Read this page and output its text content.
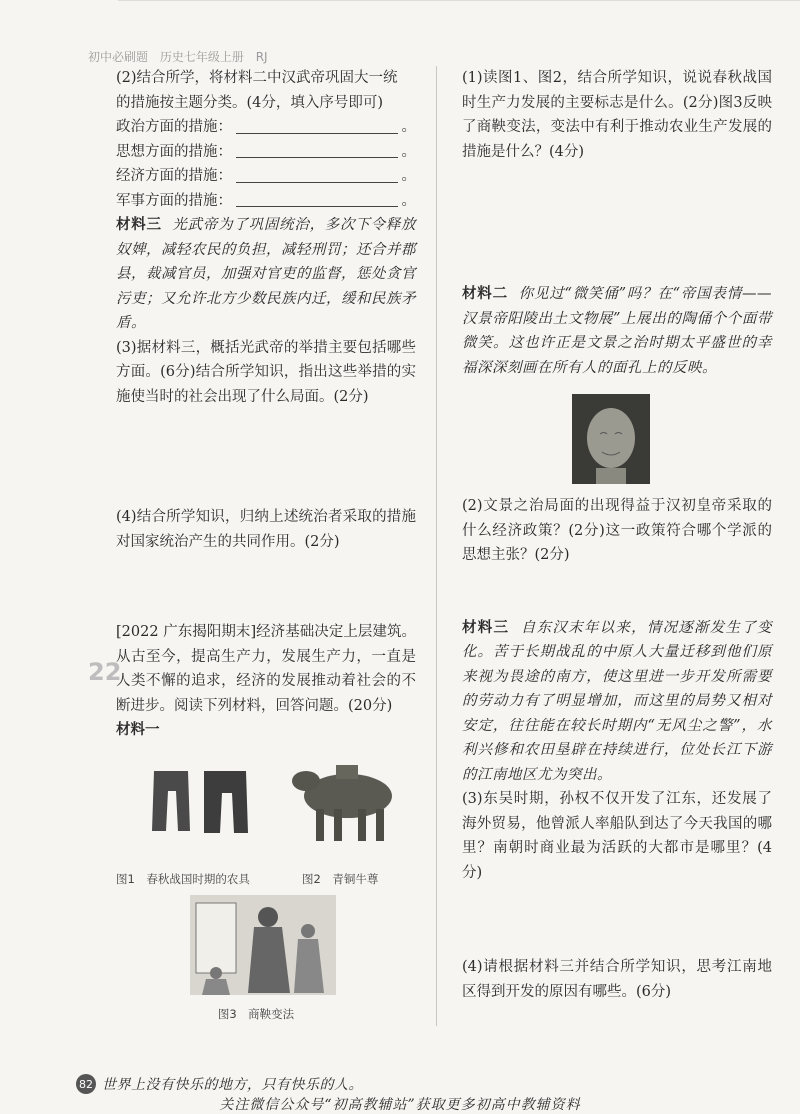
初中必刷题 历史七年级上册 RJ

(2)结合所学，将材料二中汉武帝巩固大一统

的措施按主题分类。(4分，填入序号即可)

政治方面的措施：	。
思想方面的措施：	。
经济方面的措施：	。
军事方面的措施：	。

材料三 光武帝为了巩固统治，多次下令释放奴婢，减轻农民的负担，减轻刑罚；还合并郡县，裁减官员，加强对官吏的监督，惩处贪官污吏；又允许北方少数民族内迁，缓和民族矛盾。

(3)据材料三，概括光武帝的举措主要包括哪些方面。(6分)结合所学知识，指出这些举措的实施使当时的社会出现了什么局面。(2分)

(4)结合所学知识，归纳上述统治者采取的措施对国家统治产生的共同作用。(2分)

[2022 广东揭阳期末]经济基础决定上层建筑。从古至今，提高生产力，发展生产力，一直是人类不懈的追求，经济的发展推动着社会的不断进步。阅读下列材料，回答问题。(20分)

材料一

图1　春秋战国时期的农具	图2　青铜牛尊
图3　商鞅变法
22

(1)读图1、图2，结合所学知识，说说春秋战国时生产力发展的主要标志是什么。(2分)图3反映了商鞅变法，变法中有利于推动农业生产发展的措施是什么？(4分)

材料二 你见过“微笑俑”吗？在“帝国表情——汉景帝阳陵出土文物展”上展出的陶俑个个面带微笑。这也许正是文景之治时期太平盛世的幸福深深刻画在所有人的面孔上的反映。

(2)文景之治局面的出现得益于汉初皇帝采取的什么经济政策？(2分)这一政策符合哪个学派的思想主张？(2分)

材料三 自东汉末年以来，情况逐渐发生了变化。苦于长期战乱的中原人大量迁移到他们原来视为畏途的南方，使这里进一步开发所需要的劳动力有了明显增加，而这里的局势又相对安定，往往能在较长时期内“无风尘之警”，水利兴修和农田垦辟在持续进行，位处长江下游的江南地区尤为突出。

(3)东吴时期，孙权不仅开发了江东，还发展了海外贸易，他曾派人率船队到达了今天我国的哪里？南朝时商业最为活跃的大都市是哪里？(4分)

(4)请根据材料三并结合所学知识，思考江南地区得到开发的原因有哪些。(6分)

82 世界上没有快乐的地方，只有快乐的人。
关注微信公众号“初高教辅站”获取更多初高中教辅资料
